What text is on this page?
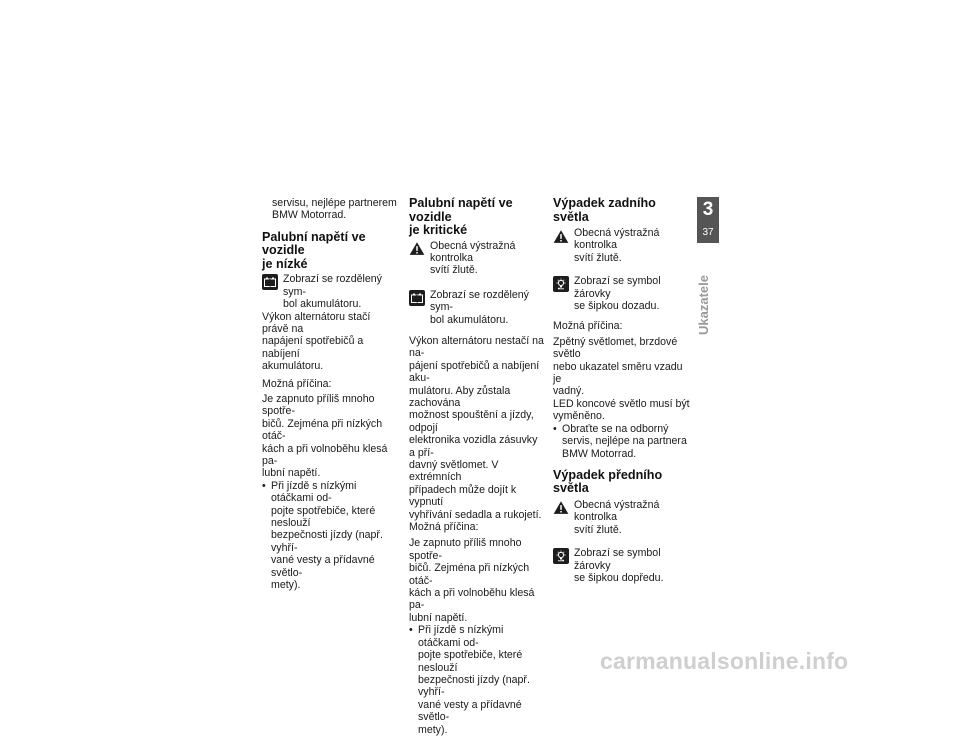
servisu, nejlépe partnerem

BMW Motorrad.

Palubní napětí ve vozidle
je nízké

Zobrazí se rozdělený sym-

bol akumulátoru.

Výkon alternátoru stačí právě na

napájení spotřebičů a nabíjení

akumulátoru.

Možná příčina:

Je zapnuto příliš mnoho spotře-

bičů. Zejména při nízkých otáč-

kách a při volnoběhu klesá pa-

lubní napětí.

• Při jízdě s nízkými otáčkami od-

pojte spotřebiče, které neslouží

bezpečnosti jízdy (např. vyhří-

vané vesty a přídavné světlo-

mety).

Palubní napětí ve vozidle
je kritické

Obecná výstražná kontrolka

svítí žlutě.

Zobrazí se rozdělený sym-

bol akumulátoru.

Výkon alternátoru nestačí na na-

pájení spotřebičů a nabíjení aku-

mulátoru. Aby zůstala zachována

možnost spouštění a jízdy, odpojí

elektronika vozidla zásuvky a pří-

davný světlomet. V extrémních

případech může dojít k vypnutí

vyhřívání sedadla a rukojetí.

Možná příčina:

Je zapnuto příliš mnoho spotře-

bičů. Zejména při nízkých otáč-

kách a při volnoběhu klesá pa-

lubní napětí.

• Při jízdě s nízkými otáčkami od-

pojte spotřebiče, které neslouží

bezpečnosti jízdy (např. vyhří-

vané vesty a přídavné světlo-

mety).

Výpadek zadního světla

Obecná výstražná kontrolka

svítí žlutě.

Zobrazí se symbol žárovky

se šipkou dozadu.

Možná příčina:

Zpětný světlomet, brzdové světlo

nebo ukazatel směru vzadu je

vadný.

LED koncové světlo musí být

vyměněno.

• Obraťte se na odborný

servis, nejlépe na partnera

BMW Motorrad.

Výpadek předního světla

Obecná výstražná kontrolka

svítí žlutě.

Zobrazí se symbol žárovky

se šipkou dopředu.

3
37
Ukazatele
carmanualsonline.info
